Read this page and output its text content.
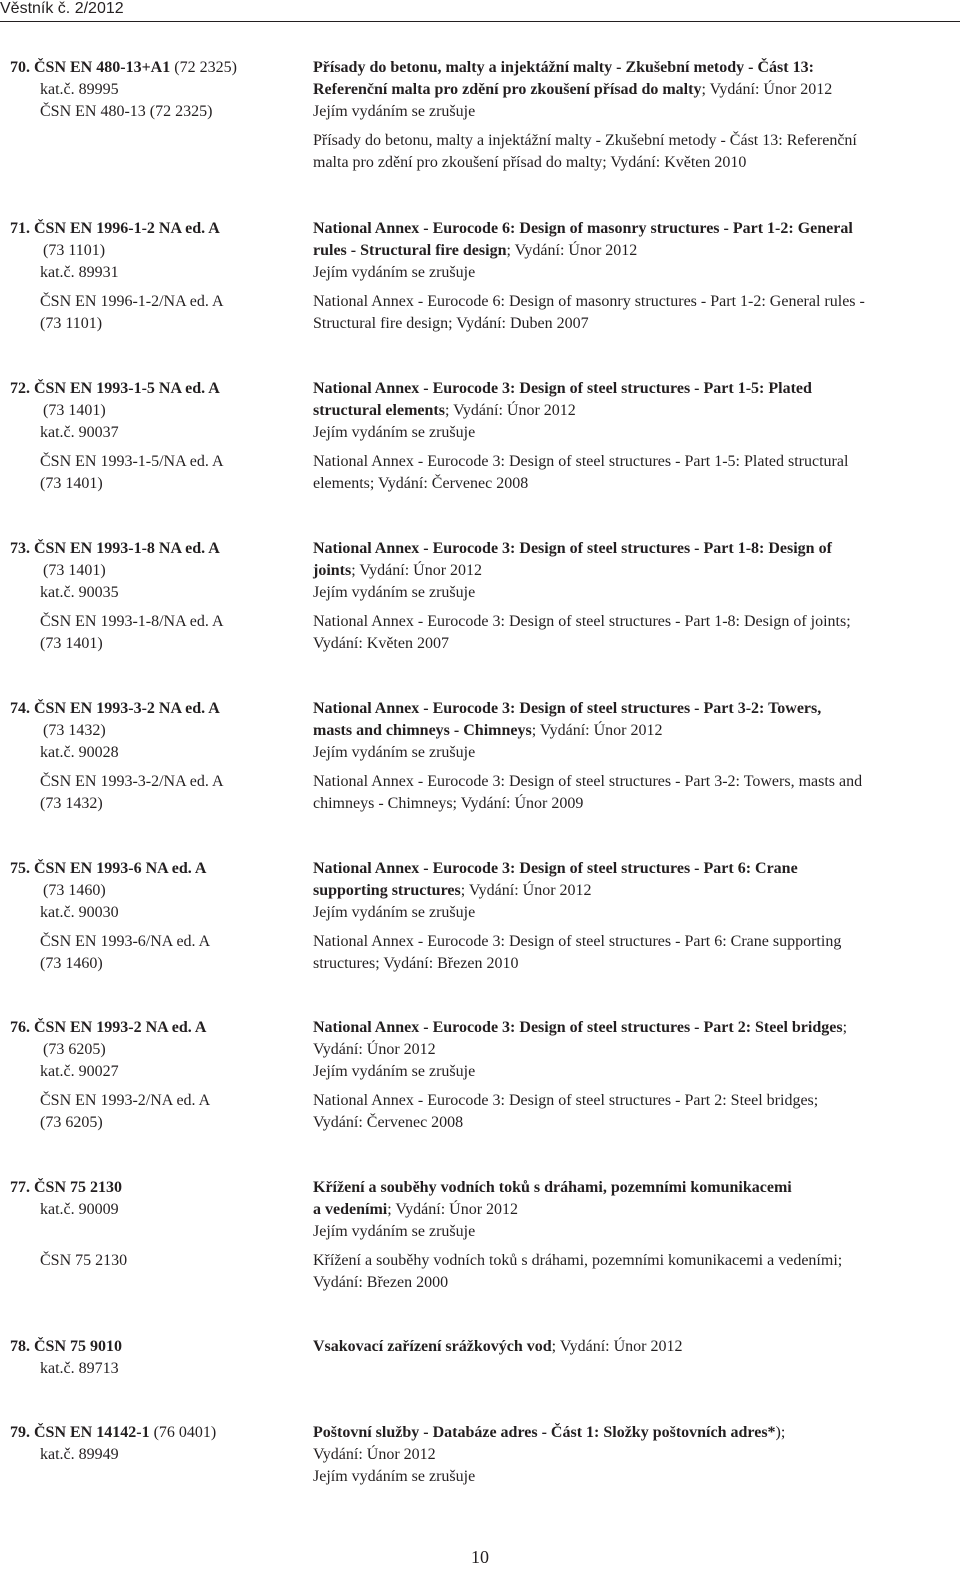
Věstník č. 2/2012
70. ČSN EN 480-13+A1 (72 2325)
kat.č. 89995

ČSN EN 480-13 (72 2325)
Přísady do betonu, malty a injektážní malty - Zkušební metody - Část 13:
Referenční malta pro zdění pro zkoušení přísad do malty; Vydání: Únor 2012
Jejím vydáním se zrušuje
Přísady do betonu, malty a injektážní malty - Zkušební metody - Část 13: Referenční
malta pro zdění pro zkoušení přísad do malty; Vydání: Květen 2010
71. ČSN EN 1996-1-2 NA ed. A
(73 1101)
kat.č. 89931
ČSN EN 1996-1-2/NA ed. A
(73 1101)
National Annex - Eurocode 6: Design of masonry structures - Part 1-2: General
rules - Structural fire design; Vydání: Únor 2012
Jejím vydáním se zrušuje
National Annex - Eurocode 6: Design of masonry structures - Part 1-2: General rules -
Structural fire design; Vydání: Duben 2007
72. ČSN EN 1993-1-5 NA ed. A
(73 1401)
kat.č. 90037
ČSN EN 1993-1-5/NA ed. A
(73 1401)
National Annex - Eurocode 3: Design of steel structures - Part 1-5: Plated
structural elements; Vydání: Únor 2012
Jejím vydáním se zrušuje
National Annex - Eurocode 3: Design of steel structures - Part 1-5: Plated structural
elements; Vydání: Červenec 2008
73. ČSN EN 1993-1-8 NA ed. A
(73 1401)
kat.č. 90035
ČSN EN 1993-1-8/NA ed. A
(73 1401)
National Annex - Eurocode 3: Design of steel structures - Part 1-8: Design of
joints; Vydání: Únor 2012
Jejím vydáním se zrušuje
National Annex - Eurocode 3: Design of steel structures - Part 1-8: Design of joints;
Vydání: Květen 2007
74. ČSN EN 1993-3-2 NA ed. A
(73 1432)
kat.č. 90028
ČSN EN 1993-3-2/NA ed. A
(73 1432)
National Annex - Eurocode 3: Design of steel structures - Part 3-2: Towers,
masts and chimneys - Chimneys; Vydání: Únor 2012
Jejím vydáním se zrušuje
National Annex - Eurocode 3: Design of steel structures - Part 3-2: Towers, masts and
chimneys - Chimneys; Vydání: Únor 2009
75. ČSN EN 1993-6 NA ed. A
(73 1460)
kat.č. 90030
ČSN EN 1993-6/NA ed. A
(73 1460)
National Annex - Eurocode 3: Design of steel structures - Part 6: Crane
supporting structures; Vydání: Únor 2012
Jejím vydáním se zrušuje
National Annex - Eurocode 3: Design of steel structures - Part 6: Crane supporting
structures; Vydání: Březen 2010
76. ČSN EN 1993-2 NA ed. A
(73 6205)
kat.č. 90027
ČSN EN 1993-2/NA ed. A
(73 6205)
National Annex - Eurocode 3: Design of steel structures - Part 2: Steel bridges;
Vydání: Únor 2012
Jejím vydáním se zrušuje
National Annex - Eurocode 3: Design of steel structures - Part 2: Steel bridges;
Vydání: Červenec 2008
77. ČSN 75 2130
kat.č. 90009
ČSN 75 2130
Křížení a souběhy vodních toků s dráhami, pozemními komunikacemi
a vedeními; Vydání: Únor 2012
Jejím vydáním se zrušuje
Křížení a souběhy vodních toků s dráhami, pozemními komunikacemi a vedeními;
Vydání: Březen 2000
78. ČSN 75 9010
kat.č. 89713
Vsakovací zařízení srážkových vod; Vydání: Únor 2012
79. ČSN EN 14142-1 (76 0401)
kat.č. 89949
Poštovní služby - Databáze adres - Část 1: Složky poštovních adres*);
Vydání: Únor 2012
Jejím vydáním se zrušuje
10
